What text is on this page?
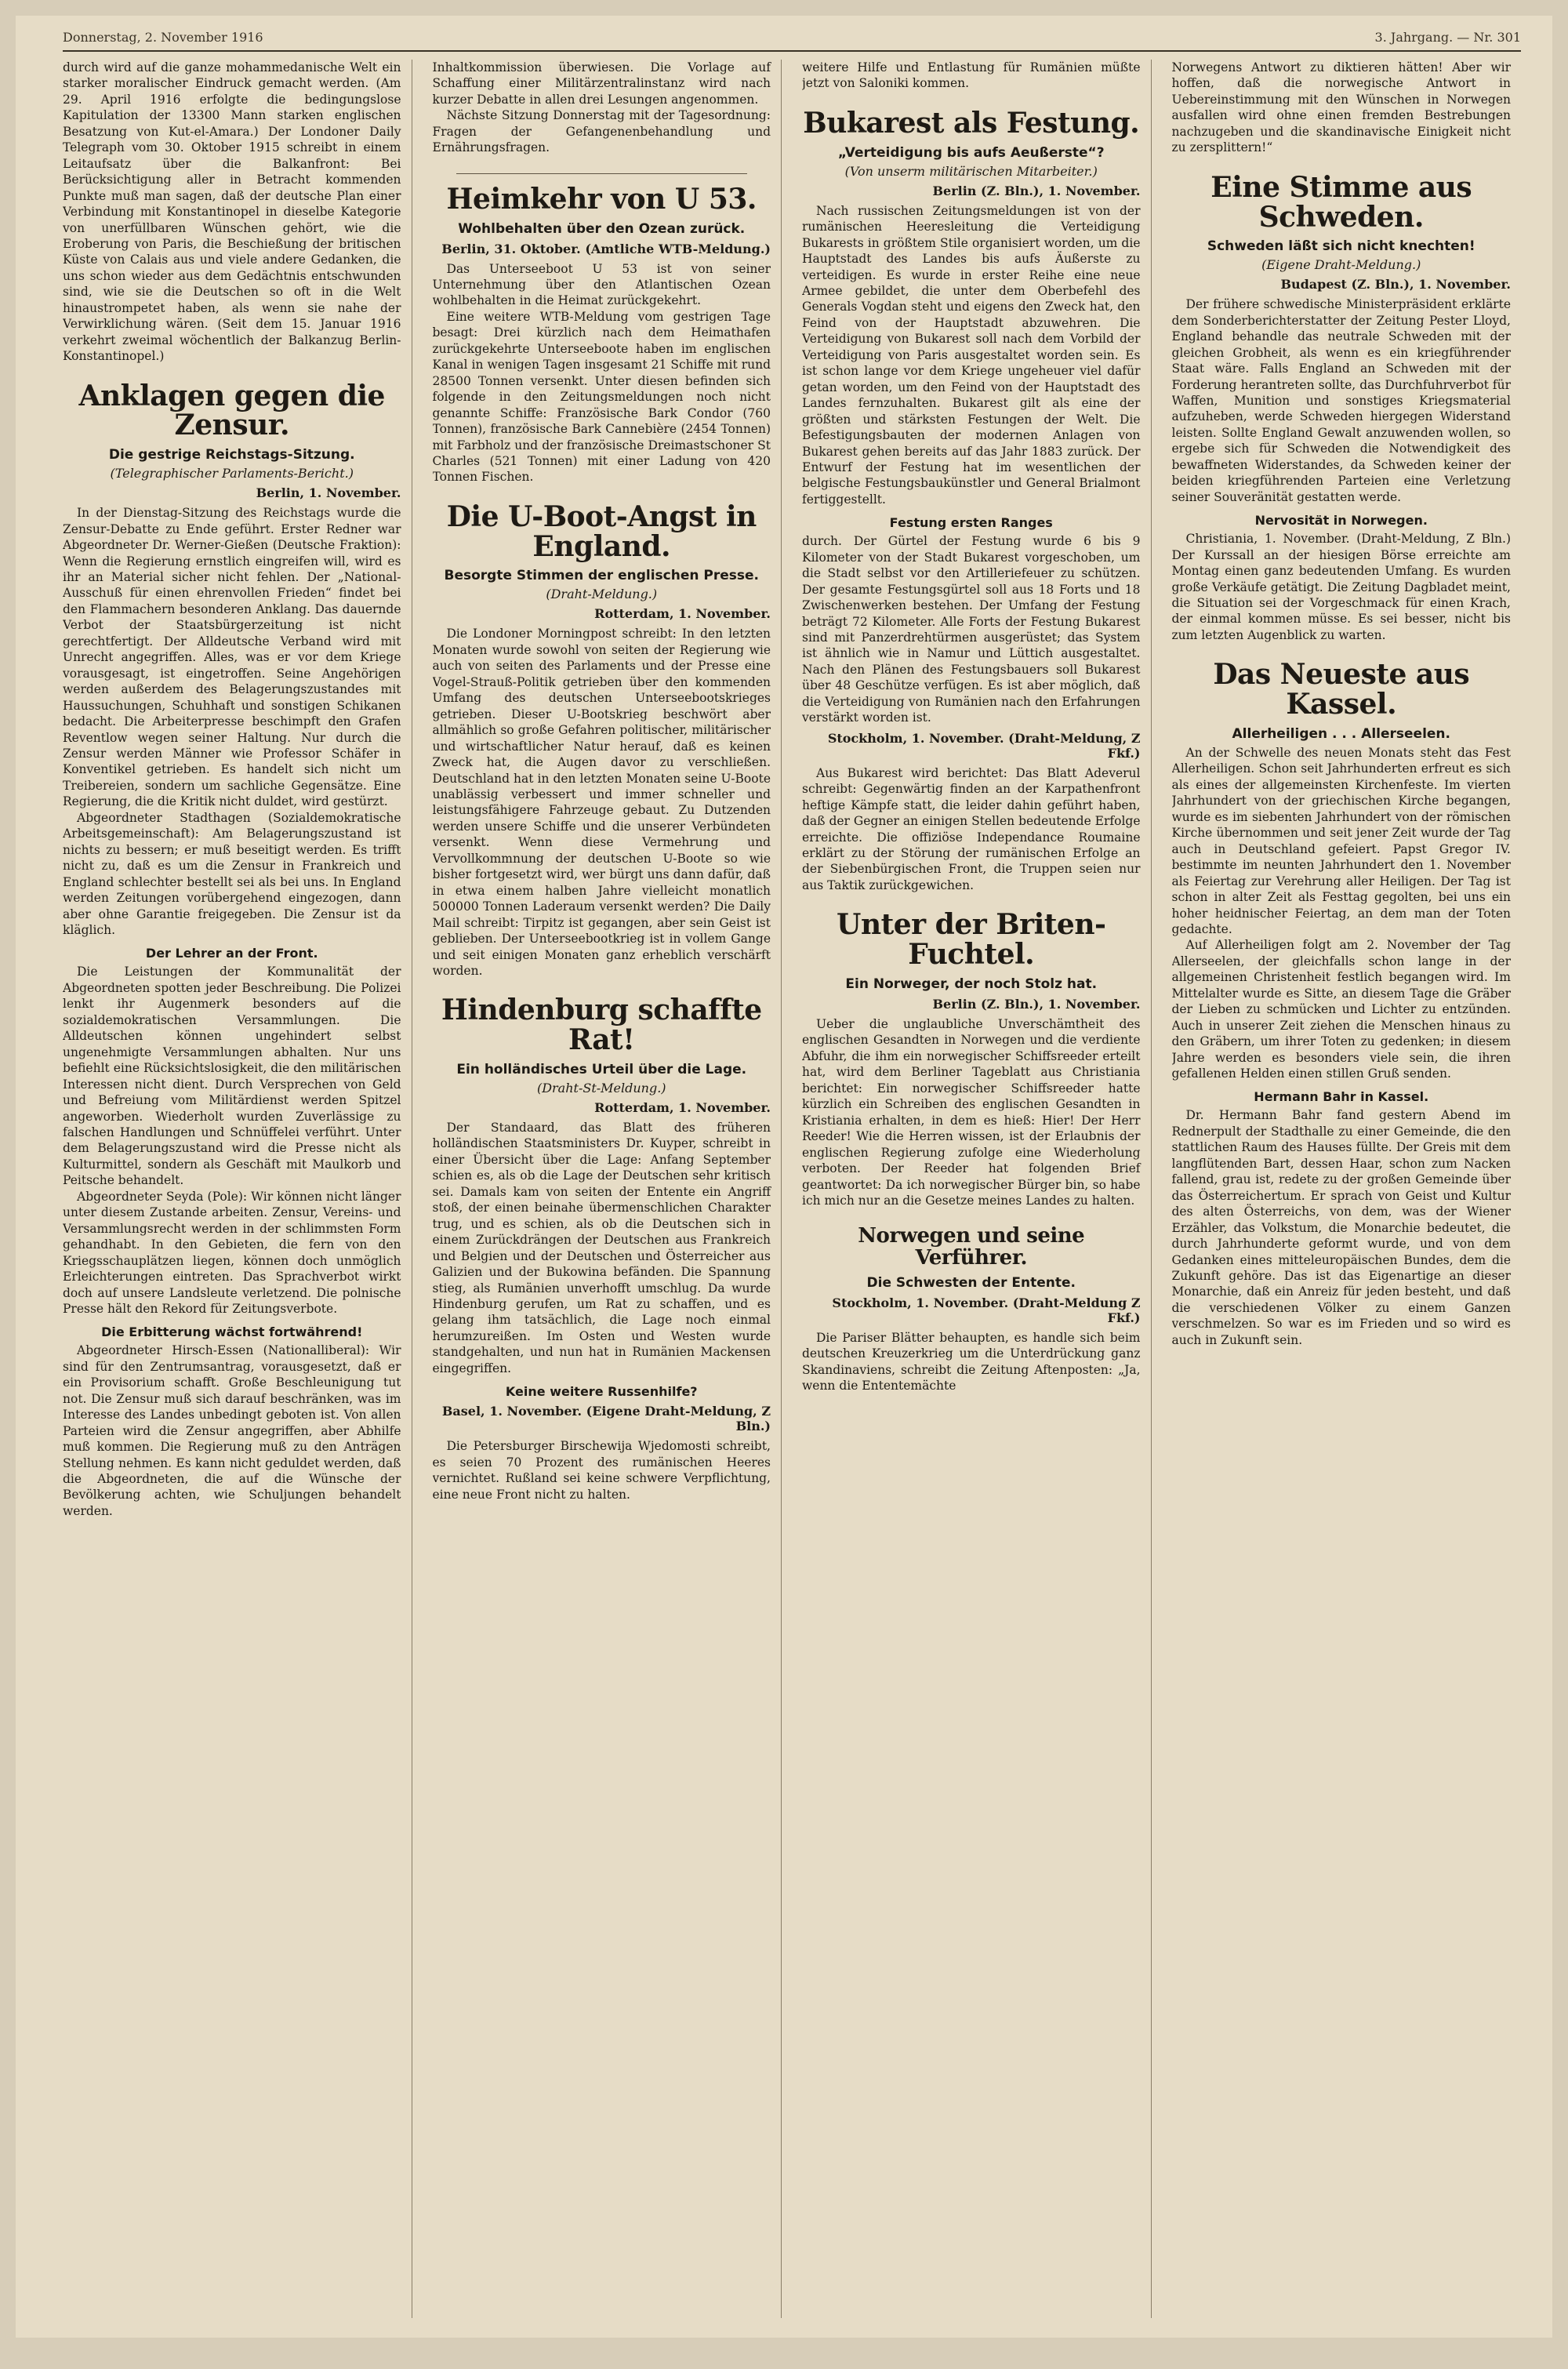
Donnerstag, 2. November 1916	3. Jahrgang. — Nr. 301

durch wird auf die ganze mohammedanische Welt ein starker moralischer Eindruck gemacht werden. (Am 29. April 1916 erfolgte die bedingungslose Kapitulation der 13300 Mann starken englischen Besatzung von Kut-el-Amara.) Der Londoner Daily Telegraph vom 30. Oktober 1915 schreibt in einem Leitaufsatz über die Balkanfront: Bei Berücksichtigung aller in Betracht kommenden Punkte muß man sagen, daß der deutsche Plan einer Verbindung mit Konstantinopel in dieselbe Kategorie von unerfüllbaren Wünschen gehört, wie die Eroberung von Paris, die Beschießung der britischen Küste von Calais aus und viele andere Gedanken, die uns schon wieder aus dem Gedächtnis entschwunden sind, wie sie die Deutschen so oft in die Welt hinaustrompetet haben, als wenn sie nahe der Verwirklichung wären. (Seit dem 15. Januar 1916 verkehrt zweimal wöchentlich der Balkanzug Berlin-Konstantinopel.)

Anklagen gegen die Zensur.
Die gestrige Reichstags-Sitzung.
(Telegraphischer Parlaments-Bericht.)
Berlin, 1. November.

In der Dienstag-Sitzung des Reichstags wurde die Zensur-Debatte zu Ende geführt. Erster Redner war Abgeordneter Dr. Werner-Gießen (Deutsche Fraktion): Wenn die Regierung ernstlich eingreifen will, wird es ihr an Material sicher nicht fehlen. Der „National-Ausschuß für einen ehrenvollen Frieden“ findet bei den Flammachern besonderen Anklang. Das dauernde Verbot der Staatsbürgerzeitung ist nicht gerechtfertigt. Der Alldeutsche Verband wird mit Unrecht angegriffen. Alles, was er vor dem Kriege vorausgesagt, ist eingetroffen. Seine Angehörigen werden außerdem des Belagerungszustandes mit Haussuchungen, Schuhhaft und sonstigen Schikanen bedacht. Die Arbeiterpresse beschimpft den Grafen Reventlow wegen seiner Haltung. Nur durch die Zensur werden Männer wie Professor Schäfer in Konventikel getrieben. Es handelt sich nicht um Treibereien, sondern um sachliche Gegensätze. Eine Regierung, die die Kritik nicht duldet, wird gestürzt.

Abgeordneter Stadthagen (Sozialdemokratische Arbeitsgemeinschaft): Am Belagerungszustand ist nichts zu bessern; er muß beseitigt werden. Es trifft nicht zu, daß es um die Zensur in Frankreich und England schlechter bestellt sei als bei uns. In England werden Zeitungen vorübergehend eingezogen, dann aber ohne Garantie freigegeben. Die Zensur ist da kläglich.

Der Lehrer an der Front.

Die Leistungen der Kommunalität der Abgeordneten spotten jeder Beschreibung. Die Polizei lenkt ihr Augenmerk besonders auf die sozialdemokratischen Versammlungen. Die Alldeutschen können ungehindert selbst ungenehmigte Versammlungen abhalten. Nur uns befiehlt eine Rücksichtslosigkeit, die den militärischen Interessen nicht dient. Durch Versprechen von Geld und Befreiung vom Militärdienst werden Spitzel angeworben. Wiederholt wurden Zuverlässige zu falschen Handlungen und Schnüffelei verführt. Unter dem Belagerungszustand wird die Presse nicht als Kulturmittel, sondern als Geschäft mit Maulkorb und Peitsche behandelt.

Abgeordneter Seyda (Pole): Wir können nicht länger unter diesem Zustande arbeiten. Zensur, Vereins- und Versammlungsrecht werden in der schlimmsten Form gehandhabt. In den Gebieten, die fern von den Kriegsschauplätzen liegen, können doch unmöglich Erleichterungen eintreten. Das Sprachverbot wirkt doch auf unsere Landsleute verletzend. Die polnische Presse hält den Rekord für Zeitungsverbote.

Die Erbitterung wächst fortwährend!

Abgeordneter Hirsch-Essen (Nationalliberal): Wir sind für den Zentrumsantrag, vorausgesetzt, daß er ein Provisorium schafft. Große Beschleunigung tut not. Die Zensur muß sich darauf beschränken, was im Interesse des Landes unbedingt geboten ist. Von allen Parteien wird die Zensur angegriffen, aber Abhilfe muß kommen. Die Regierung muß zu den Anträgen Stellung nehmen. Es kann nicht geduldet werden, daß die Abgeordneten, die auf die Wünsche der Bevölkerung achten, wie Schuljungen behandelt werden.

Inhaltkommission überwiesen. Die Vorlage auf Schaffung einer Militärzentralinstanz wird nach kurzer Debatte in allen drei Lesungen angenommen.

Nächste Sitzung Donnerstag mit der Tagesordnung: Fragen der Gefangenenbehandlung und Ernährungsfragen.

Heimkehr von U 53.
Wohlbehalten über den Ozean zurück.
Berlin, 31. Oktober. (Amtliche WTB-Meldung.)

Das Unterseeboot U 53 ist von seiner Unternehmung über den Atlantischen Ozean wohlbehalten in die Heimat zurückgekehrt.

Eine weitere WTB-Meldung vom gestrigen Tage besagt: Drei kürzlich nach dem Heimathafen zurückgekehrte Unterseeboote haben im englischen Kanal in wenigen Tagen insgesamt 21 Schiffe mit rund 28500 Tonnen versenkt. Unter diesen befinden sich folgende in den Zeitungsmeldungen noch nicht genannte Schiffe: Französische Bark Condor (760 Tonnen), französische Bark Cannebière (2454 Tonnen) mit Farbholz und der französische Dreimastschoner St Charles (521 Tonnen) mit einer Ladung von 420 Tonnen Fischen.

Die U-Boot-Angst in England.
Besorgte Stimmen der englischen Presse.
(Draht-Meldung.)
Rotterdam, 1. November.

Die Londoner Morningpost schreibt: In den letzten Monaten wurde sowohl von seiten der Regierung wie auch von seiten des Parlaments und der Presse eine Vogel-Strauß-Politik getrieben über den kommenden Umfang des deutschen Unterseebootskrieges getrieben. Dieser U-Bootskrieg beschwört aber allmählich so große Gefahren politischer, militärischer und wirtschaftlicher Natur herauf, daß es keinen Zweck hat, die Augen davor zu verschließen. Deutschland hat in den letzten Monaten seine U-Boote unablässig verbessert und immer schneller und leistungsfähigere Fahrzeuge gebaut. Zu Dutzenden werden unsere Schiffe und die unserer Verbündeten versenkt. Wenn diese Vermehrung und Vervollkommnung der deutschen U-Boote so wie bisher fortgesetzt wird, wer bürgt uns dann dafür, daß in etwa einem halben Jahre vielleicht monatlich 500000 Tonnen Laderaum versenkt werden? Die Daily Mail schreibt: Tirpitz ist gegangen, aber sein Geist ist geblieben. Der Unterseebootkrieg ist in vollem Gange und seit einigen Monaten ganz erheblich verschärft worden.

Hindenburg schaffte Rat!
Ein holländisches Urteil über die Lage.
(Draht-St-Meldung.)
Rotterdam, 1. November.

Der Standaard, das Blatt des früheren holländischen Staatsministers Dr. Kuyper, schreibt in einer Übersicht über die Lage: Anfang September schien es, als ob die Lage der Deutschen sehr kritisch sei. Damals kam von seiten der Entente ein Angriff stoß, der einen beinahe übermenschlichen Charakter trug, und es schien, als ob die Deutschen sich in einem Zurückdrängen der Deutschen aus Frankreich und Belgien und der Deutschen und Österreicher aus Galizien und der Bukowina befänden. Die Spannung stieg, als Rumänien unverhofft umschlug. Da wurde Hindenburg gerufen, um Rat zu schaffen, und es gelang ihm tatsächlich, die Lage noch einmal herumzureißen. Im Osten und Westen wurde standgehalten, und nun hat in Rumänien Mackensen eingegriffen.

Keine weitere Russenhilfe?
Basel, 1. November. (Eigene Draht-Meldung, Z Bln.)

Die Petersburger Birschewija Wjedomosti schreibt, es seien 70 Prozent des rumänischen Heeres vernichtet. Rußland sei keine schwere Verpflichtung, eine neue Front nicht zu halten.

weitere Hilfe und Entlastung für Rumänien müßte jetzt von Saloniki kommen.

Bukarest als Festung.
„Verteidigung bis aufs Aeußerste“?
(Von unserm militärischen Mitarbeiter.)
Berlin (Z. Bln.), 1. November.

Nach russischen Zeitungsmeldungen ist von der rumänischen Heeresleitung die Verteidigung Bukarests in größtem Stile organisiert worden, um die Hauptstadt des Landes bis aufs Äußerste zu verteidigen. Es wurde in erster Reihe eine neue Armee gebildet, die unter dem Oberbefehl des Generals Vogdan steht und eigens den Zweck hat, den Feind von der Hauptstadt abzuwehren. Die Verteidigung von Bukarest soll nach dem Vorbild der Verteidigung von Paris ausgestaltet worden sein. Es ist schon lange vor dem Kriege ungeheuer viel dafür getan worden, um den Feind von der Hauptstadt des Landes fernzuhalten. Bukarest gilt als eine der größten und stärksten Festungen der Welt. Die Befestigungsbauten der modernen Anlagen von Bukarest gehen bereits auf das Jahr 1883 zurück. Der Entwurf der Festung hat im wesentlichen der belgische Festungsbaukünstler und General Brialmont fertiggestellt.

Festung ersten Ranges

durch. Der Gürtel der Festung wurde 6 bis 9 Kilometer von der Stadt Bukarest vorgeschoben, um die Stadt selbst vor den Artilleriefeuer zu schützen. Der gesamte Festungsgürtel soll aus 18 Forts und 18 Zwischenwerken bestehen. Der Umfang der Festung beträgt 72 Kilometer. Alle Forts der Festung Bukarest sind mit Panzerdrehtürmen ausgerüstet; das System ist ähnlich wie in Namur und Lüttich ausgestaltet. Nach den Plänen des Festungsbauers soll Bukarest über 48 Geschütze verfügen. Es ist aber möglich, daß die Verteidigung von Rumänien nach den Erfahrungen verstärkt worden ist.

Stockholm, 1. November. (Draht-Meldung, Z Fkf.)

Aus Bukarest wird berichtet: Das Blatt Adeverul schreibt: Gegenwärtig finden an der Karpathenfront heftige Kämpfe statt, die leider dahin geführt haben, daß der Gegner an einigen Stellen bedeutende Erfolge erreichte. Die offiziöse Independance Roumaine erklärt zu der Störung der rumänischen Erfolge an der Siebenbürgischen Front, die Truppen seien nur aus Taktik zurückgewichen.

Unter der Briten-Fuchtel.
Ein Norweger, der noch Stolz hat.
Berlin (Z. Bln.), 1. November.

Ueber die unglaubliche Unverschämtheit des englischen Gesandten in Norwegen und die verdiente Abfuhr, die ihm ein norwegischer Schiffsreeder erteilt hat, wird dem Berliner Tageblatt aus Christiania berichtet: Ein norwegischer Schiffsreeder hatte kürzlich ein Schreiben des englischen Gesandten in Kristiania erhalten, in dem es hieß: Hier! Der Herr Reeder! Wie die Herren wissen, ist der Erlaubnis der englischen Regierung zufolge eine Wiederholung verboten. Der Reeder hat folgenden Brief geantwortet: Da ich norwegischer Bürger bin, so habe ich mich nur an die Gesetze meines Landes zu halten.

Norwegen und seine Verführer.
Die Schwesten der Entente.
Stockholm, 1. November. (Draht-Meldung Z Fkf.)

Die Pariser Blätter behaupten, es handle sich beim deutschen Kreuzerkrieg um die Unterdrückung ganz Skandinaviens, schreibt die Zeitung Aftenposten: „Ja, wenn die Ententemächte

Norwegens Antwort zu diktieren hätten! Aber wir hoffen, daß die norwegische Antwort in Uebereinstimmung mit den Wünschen in Norwegen ausfallen wird ohne einen fremden Bestrebungen nachzugeben und die skandinavische Einigkeit nicht zu zersplittern!“

Eine Stimme aus Schweden.
Schweden läßt sich nicht knechten!
(Eigene Draht-Meldung.)
Budapest (Z. Bln.), 1. November.

Der frühere schwedische Ministerpräsident erklärte dem Sonderberichterstatter der Zeitung Pester Lloyd, England behandle das neutrale Schweden mit der gleichen Grobheit, als wenn es ein kriegführender Staat wäre. Falls England an Schweden mit der Forderung herantreten sollte, das Durchfuhrverbot für Waffen, Munition und sonstiges Kriegsmaterial aufzuheben, werde Schweden hiergegen Widerstand leisten. Sollte England Gewalt anzuwenden wollen, so ergebe sich für Schweden die Notwendigkeit des bewaffneten Widerstandes, da Schweden keiner der beiden kriegführenden Parteien eine Verletzung seiner Souveränität gestatten werde.

Nervosität in Norwegen.

Christiania, 1. November. (Draht-Meldung, Z Bln.) Der Kurssall an der hiesigen Börse erreichte am Montag einen ganz bedeutenden Umfang. Es wurden große Verkäufe getätigt. Die Zeitung Dagbladet meint, die Situation sei der Vorgeschmack für einen Krach, der einmal kommen müsse. Es sei besser, nicht bis zum letzten Augenblick zu warten.

Das Neueste aus Kassel.
Allerheiligen . . . Allerseelen.

An der Schwelle des neuen Monats steht das Fest Allerheiligen. Schon seit Jahrhunderten erfreut es sich als eines der allgemeinsten Kirchenfeste. Im vierten Jahrhundert von der griechischen Kirche begangen, wurde es im siebenten Jahrhundert von der römischen Kirche übernommen und seit jener Zeit wurde der Tag auch in Deutschland gefeiert. Papst Gregor IV. bestimmte im neunten Jahrhundert den 1. November als Feiertag zur Verehrung aller Heiligen. Der Tag ist schon in alter Zeit als Festtag gegolten, bei uns ein hoher heidnischer Feiertag, an dem man der Toten gedachte.

Auf Allerheiligen folgt am 2. November der Tag Allerseelen, der gleichfalls schon lange in der allgemeinen Christenheit festlich begangen wird. Im Mittelalter wurde es Sitte, an diesem Tage die Gräber der Lieben zu schmücken und Lichter zu entzünden. Auch in unserer Zeit ziehen die Menschen hinaus zu den Gräbern, um ihrer Toten zu gedenken; in diesem Jahre werden es besonders viele sein, die ihren gefallenen Helden einen stillen Gruß senden.

Hermann Bahr in Kassel.

Dr. Hermann Bahr fand gestern Abend im Rednerpult der Stadthalle zu einer Gemeinde, die den stattlichen Raum des Hauses füllte. Der Greis mit dem langflütenden Bart, dessen Haar, schon zum Nacken fallend, grau ist, redete zu der großen Gemeinde über das Österreichertum. Er sprach von Geist und Kultur des alten Österreichs, von dem, was der Wiener Erzähler, das Volkstum, die Monarchie bedeutet, die durch Jahrhunderte geformt wurde, und von dem Gedanken eines mitteleuropäischen Bundes, dem die Zukunft gehöre. Das ist das Eigenartige an dieser Monarchie, daß ein Anreiz für jeden besteht, und daß die verschiedenen Völker zu einem Ganzen verschmelzen. So war es im Frieden und so wird es auch in Zukunft sein.
